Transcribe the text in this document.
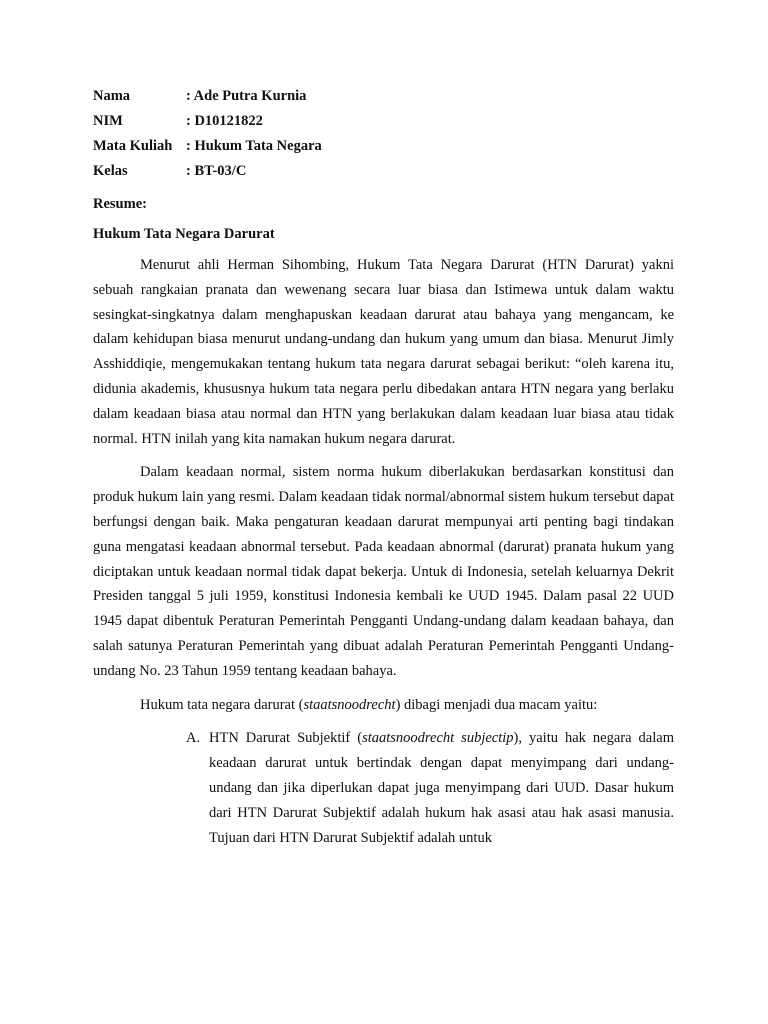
Nama	: Ade Putra Kurnia
NIM	: D10121822
Mata Kuliah	: Hukum Tata Negara
Kelas	: BT-03/C

Resume:

Hukum Tata Negara Darurat

Menurut ahli Herman Sihombing, Hukum Tata Negara Darurat (HTN Darurat) yakni sebuah rangkaian pranata dan wewenang secara luar biasa dan Istimewa untuk dalam waktu sesingkat-singkatnya dalam menghapuskan keadaan darurat atau bahaya yang mengancam, ke dalam kehidupan biasa menurut undang-undang dan hukum yang umum dan biasa. Menurut Jimly Asshiddiqie, mengemukakan tentang hukum tata negara darurat sebagai berikut: “oleh karena itu, didunia akademis, khususnya hukum tata negara perlu dibedakan antara HTN negara yang berlaku dalam keadaan biasa atau normal dan HTN yang berlakukan dalam keadaan luar biasa atau tidak normal. HTN inilah yang kita namakan hukum negara darurat.

Dalam keadaan normal, sistem norma hukum diberlakukan berdasarkan konstitusi dan produk hukum lain yang resmi. Dalam keadaan tidak normal/abnormal sistem hukum tersebut dapat berfungsi dengan baik. Maka pengaturan keadaan darurat mempunyai arti penting bagi tindakan guna mengatasi keadaan abnormal tersebut. Pada keadaan abnormal (darurat) pranata hukum yang diciptakan untuk keadaan normal tidak dapat bekerja. Untuk di Indonesia, setelah keluarnya Dekrit Presiden tanggal 5 juli 1959, konstitusi Indonesia kembali ke UUD 1945. Dalam pasal 22 UUD 1945 dapat dibentuk Peraturan Pemerintah Pengganti Undang-undang dalam keadaan bahaya, dan salah satunya Peraturan Pemerintah yang dibuat adalah Peraturan Pemerintah Pengganti Undang-undang No. 23 Tahun 1959 tentang keadaan bahaya.

Hukum tata negara darurat (staatsnoodrecht) dibagi menjadi dua macam yaitu:

A. HTN Darurat Subjektif (staatsnoodrecht subjectip), yaitu hak negara dalam keadaan darurat untuk bertindak dengan dapat menyimpang dari undang-undang dan jika diperlukan dapat juga menyimpang dari UUD. Dasar hukum dari HTN Darurat Subjektif adalah hukum hak asasi atau hak asasi manusia. Tujuan dari HTN Darurat Subjektif adalah untuk
